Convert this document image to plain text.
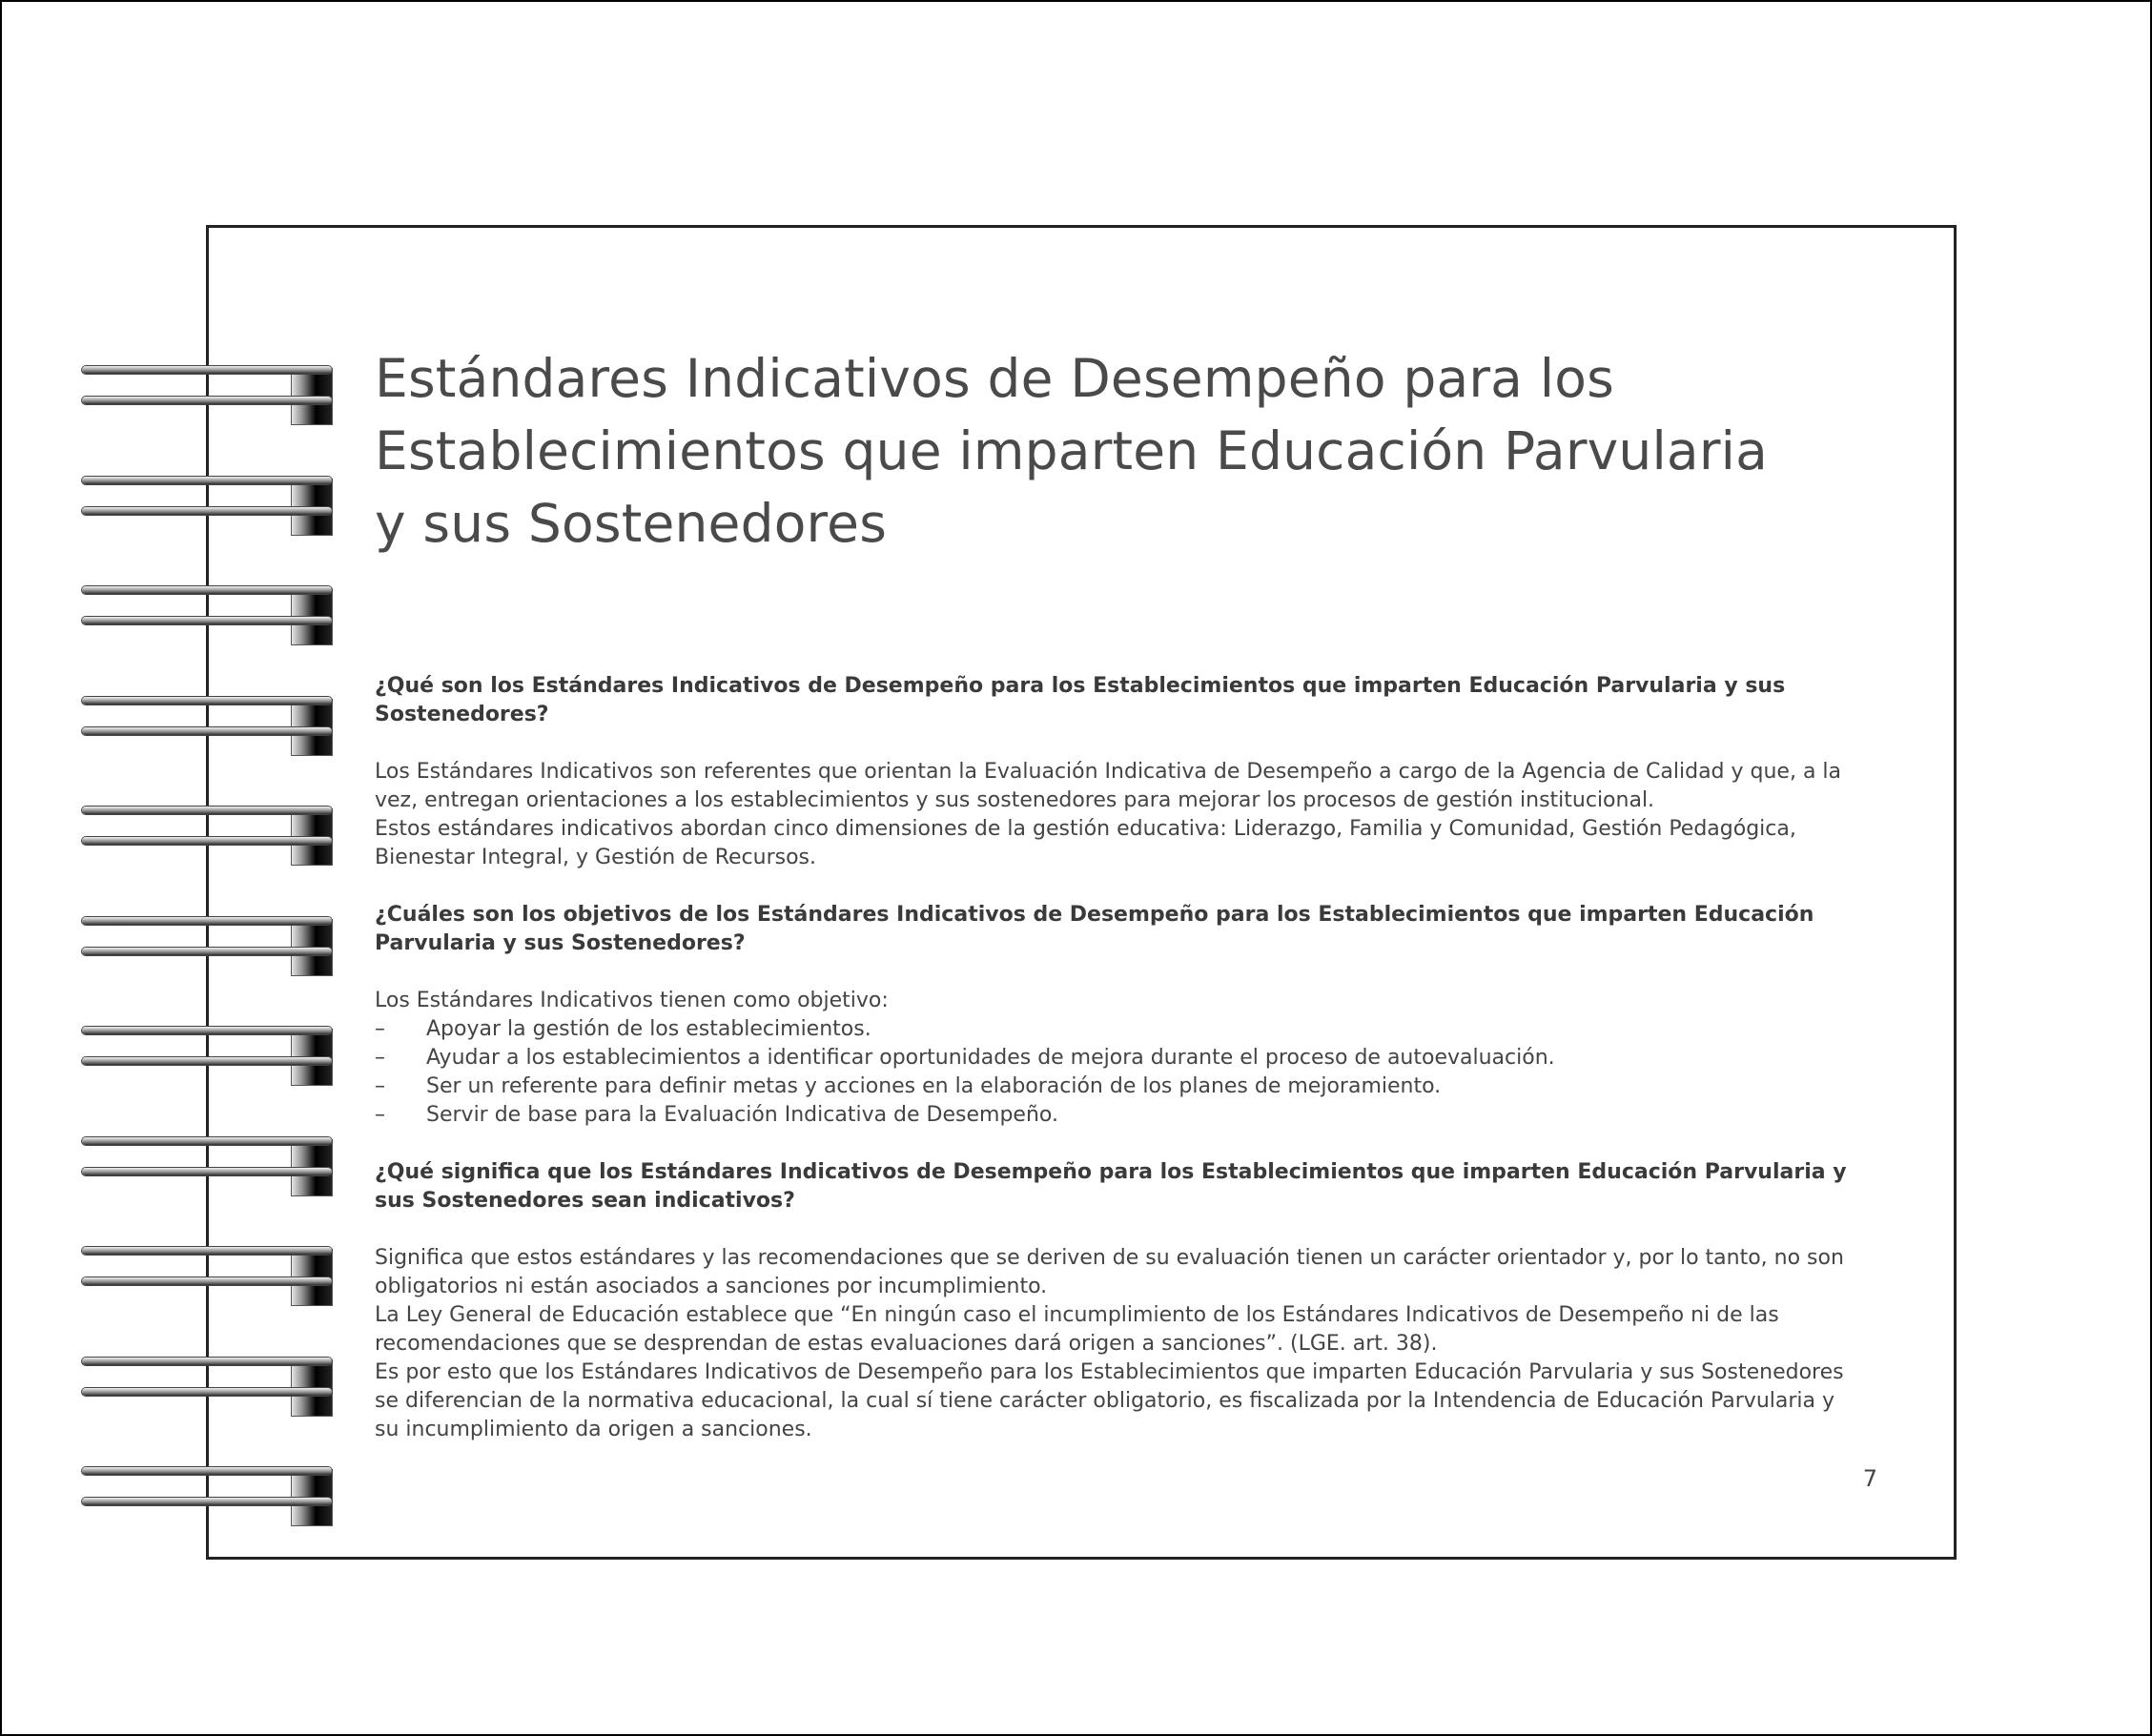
Estándares Indicativos de Desempeño para los
Establecimientos que imparten Educación Parvularia
y sus Sostenedores

¿Qué son los Estándares Indicativos de Desempeño para los Establecimientos que imparten Educación Parvularia y sus Sostenedores?

Los Estándares Indicativos son referentes que orientan la Evaluación Indicativa de Desempeño a cargo de la Agencia de Calidad y que, a la vez, entregan orientaciones a los establecimientos y sus sostenedores para mejorar los procesos de gestión institucional.

Estos estándares indicativos abordan cinco dimensiones de la gestión educativa: Liderazgo, Familia y Comunidad, Gestión Pedagógica, Bienestar Integral, y Gestión de Recursos.

¿Cuáles son los objetivos de los Estándares Indicativos de Desempeño para los Establecimientos que imparten Educación Parvularia y sus Sostenedores?

Los Estándares Indicativos tienen como objetivo:

–	Apoyar la gestión de los establecimientos.
–	Ayudar a los establecimientos a identificar oportunidades de mejora durante el proceso de autoevaluación.
–	Ser un referente para definir metas y acciones en la elaboración de los planes de mejoramiento.
–	Servir de base para la Evaluación Indicativa de Desempeño.

¿Qué significa que los Estándares Indicativos de Desempeño para los Establecimientos que imparten Educación Parvularia y sus Sostenedores sean indicativos?

Significa que estos estándares y las recomendaciones que se deriven de su evaluación tienen un carácter orientador y, por lo tanto, no son obligatorios ni están asociados a sanciones por incumplimiento.

La Ley General de Educación establece que “En ningún caso el incumplimiento de los Estándares Indicativos de Desempeño ni de las recomendaciones que se desprendan de estas evaluaciones dará origen a sanciones”. (LGE. art. 38).

Es por esto que los Estándares Indicativos de Desempeño para los Establecimientos que imparten Educación Parvularia y sus Sostenedores se diferencian de la normativa educacional, la cual sí tiene carácter obligatorio, es fiscalizada por la Intendencia de Educación Parvularia y su incumplimiento da origen a sanciones.

7
